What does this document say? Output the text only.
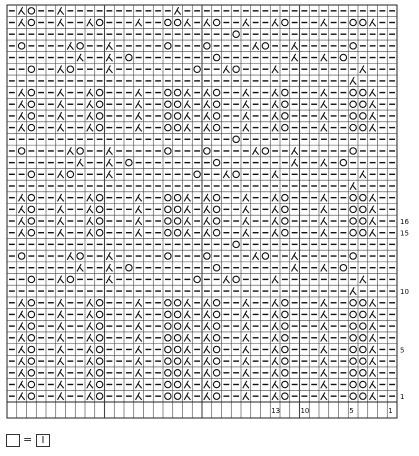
16
15
10
5
1
13	10	5	1
= I
